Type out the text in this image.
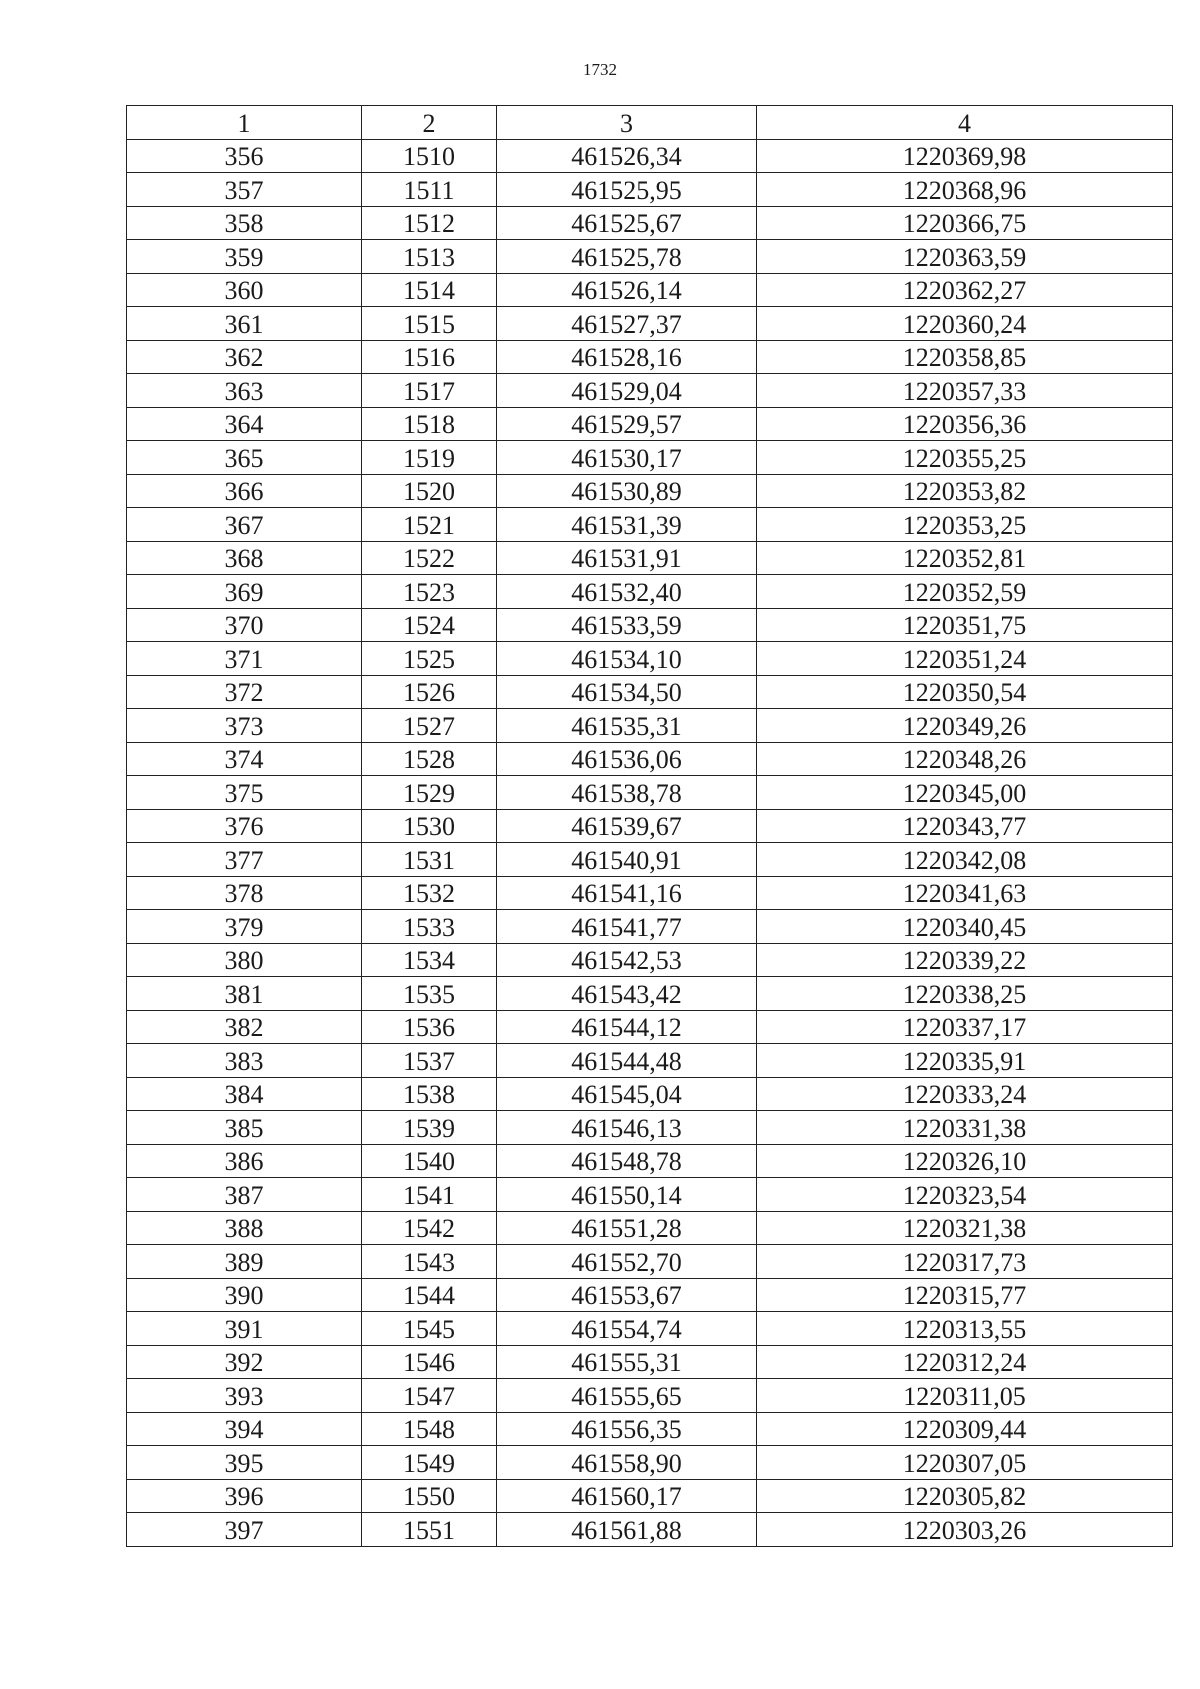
1732
1	2	3	4
356	1510	461526,34	1220369,98
357	1511	461525,95	1220368,96
358	1512	461525,67	1220366,75
359	1513	461525,78	1220363,59
360	1514	461526,14	1220362,27
361	1515	461527,37	1220360,24
362	1516	461528,16	1220358,85
363	1517	461529,04	1220357,33
364	1518	461529,57	1220356,36
365	1519	461530,17	1220355,25
366	1520	461530,89	1220353,82
367	1521	461531,39	1220353,25
368	1522	461531,91	1220352,81
369	1523	461532,40	1220352,59
370	1524	461533,59	1220351,75
371	1525	461534,10	1220351,24
372	1526	461534,50	1220350,54
373	1527	461535,31	1220349,26
374	1528	461536,06	1220348,26
375	1529	461538,78	1220345,00
376	1530	461539,67	1220343,77
377	1531	461540,91	1220342,08
378	1532	461541,16	1220341,63
379	1533	461541,77	1220340,45
380	1534	461542,53	1220339,22
381	1535	461543,42	1220338,25
382	1536	461544,12	1220337,17
383	1537	461544,48	1220335,91
384	1538	461545,04	1220333,24
385	1539	461546,13	1220331,38
386	1540	461548,78	1220326,10
387	1541	461550,14	1220323,54
388	1542	461551,28	1220321,38
389	1543	461552,70	1220317,73
390	1544	461553,67	1220315,77
391	1545	461554,74	1220313,55
392	1546	461555,31	1220312,24
393	1547	461555,65	1220311,05
394	1548	461556,35	1220309,44
395	1549	461558,90	1220307,05
396	1550	461560,17	1220305,82
397	1551	461561,88	1220303,26
